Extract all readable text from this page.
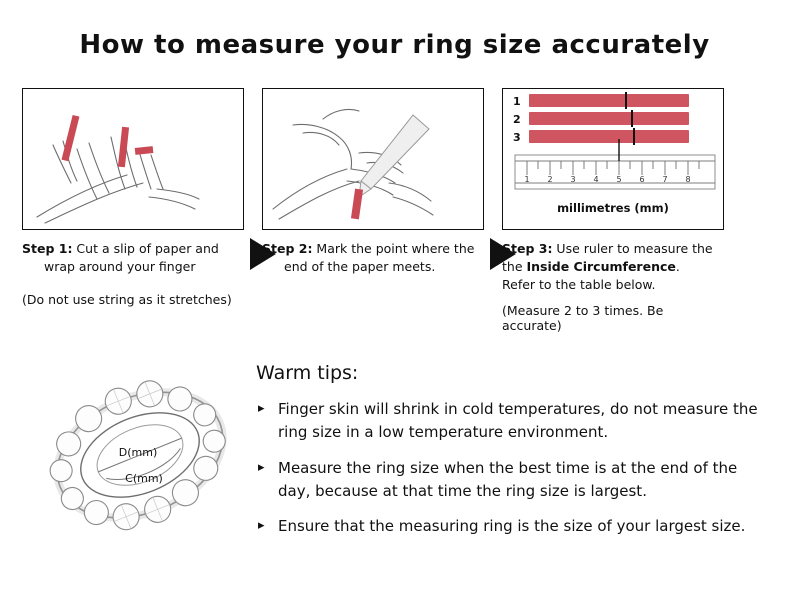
How to measure your ring size accurately
Step 1: Cut a slip of paper and
wrap around your finger
(Do not use string as it stretches)
Step 2: Mark the point where the
end of the paper meets.
1
2
3
1 2 3 4 5 6 7 8
millimetres (mm)
Step 3: Use ruler to measure the
the Inside Circumference.
Refer to the table below.
(Measure 2 to 3 times. Be accurate)
D(mm)
C(mm)
Warm tips:
▸ Finger skin will shrink in cold temperatures, do not measure the ring size in a low temperature environment.
▸ Measure the ring size when the best time is at the end of the day, because at that time the ring size is largest.
▸ Ensure that the measuring ring is the size of your largest size.
